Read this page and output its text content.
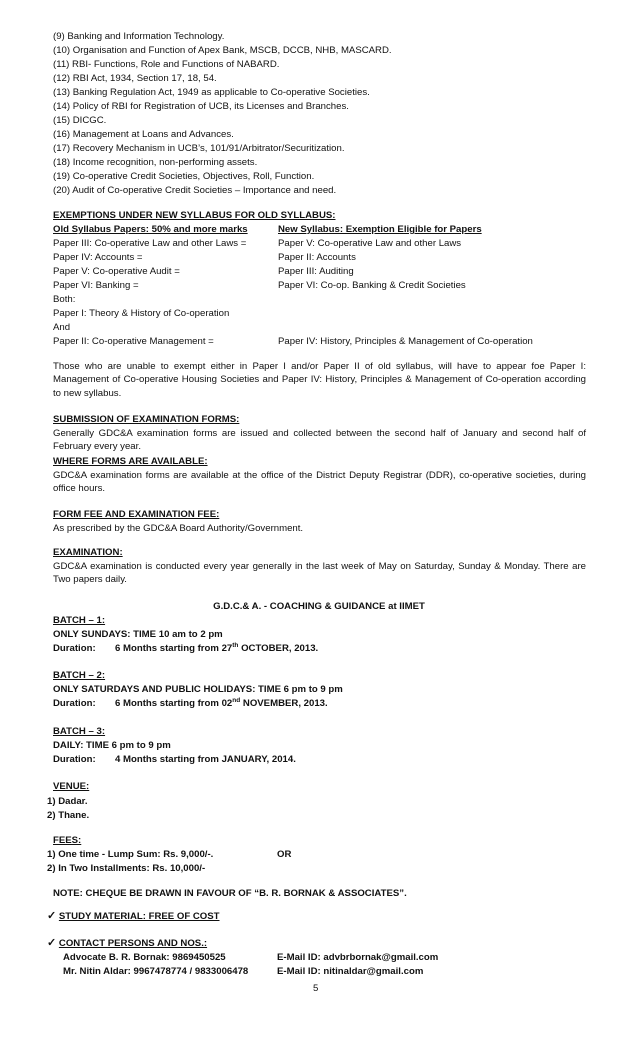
(9) Banking and Information Technology.
(10) Organisation and Function of Apex Bank, MSCB, DCCB, NHB, MASCARD.
(11) RBI- Functions, Role and Functions of NABARD.
(12) RBI Act, 1934, Section 17, 18, 54.
(13) Banking Regulation Act, 1949 as applicable to Co-operative Societies.
(14) Policy of RBI for Registration of UCB, its Licenses and Branches.
(15) DICGC.
(16) Management at Loans and Advances.
(17) Recovery Mechanism in UCB’s, 101/91/Arbitrator/Securitization.
(18) Income recognition, non-performing assets.
(19) Co-operative Credit Societies, Objectives, Roll, Function.
(20) Audit of Co-operative Credit Societies – Importance and need.
EXEMPTIONS UNDER NEW SYLLABUS FOR OLD SYLLABUS:
Old Syllabus Papers: 50% and more marks	New Syllabus: Exemption Eligible for Papers
Paper III: Co-operative Law and other Laws =	Paper V: Co-operative Law and other Laws
Paper IV: Accounts =	Paper II: Accounts
Paper V: Co-operative Audit =	Paper III: Auditing
Paper VI: Banking =	Paper VI: Co-op. Banking & Credit Societies
Both:
Paper I: Theory & History of Co-operation
And
Paper II: Co-operative Management =	Paper IV: History, Principles & Management of Co-operation
Those who are unable to exempt either in Paper I and/or Paper II of old syllabus, will have to appear foe Paper I: Management of Co-operative Housing Societies and Paper IV: History, Principles & Management of Co-operation according to new syllabus.
SUBMISSION OF EXAMINATION FORMS:
Generally GDC&A examination forms are issued and collected between the second half of January and second half of February every year.
WHERE FORMS ARE AVAILABLE:
GDC&A examination forms are available at the office of the District Deputy Registrar (DDR), co-operative societies, during office hours.
FORM FEE AND EXAMINATION FEE:
As prescribed by the GDC&A Board Authority/Government.
EXAMINATION:
GDC&A examination is conducted every year generally in the last week of May on Saturday, Sunday & Monday. There are Two papers daily.
G.D.C.& A. - COACHING & GUIDANCE at IIMET
BATCH – 1:
ONLY SUNDAYS: TIME 10 am to 2 pm
Duration: 6 Months starting from 27th OCTOBER, 2013.
BATCH – 2:
ONLY SATURDAYS AND PUBLIC HOLIDAYS: TIME 6 pm to 9 pm
Duration: 6 Months starting from 02nd NOVEMBER, 2013.
BATCH – 3:
DAILY: TIME 6 pm to 9 pm
Duration: 4 Months starting from JANUARY, 2014.
VENUE:
1) Dadar.
2) Thane.
FEES:
1) One time - Lump Sum: Rs. 9,000/-.	OR
2) In Two Installments: Rs. 10,000/-
NOTE: CHEQUE BE DRAWN IN FAVOUR OF “B. R. BORNAK & ASSOCIATES”.
✓ STUDY MATERIAL: FREE OF COST
✓ CONTACT PERSONS AND NOS.:
Advocate B. R. Bornak: 9869450525	E-Mail ID: advbrbornak@gmail.com
Mr. Nitin Aldar: 9967478774 / 9833006478	E-Mail ID: nitinaldar@gmail.com
5
